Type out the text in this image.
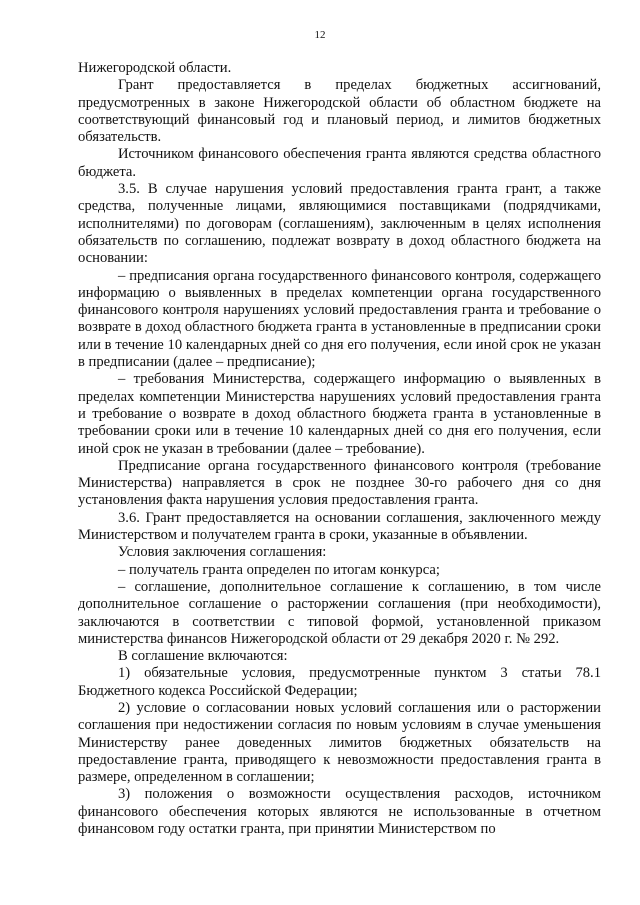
12

Нижегородской области.

Грант предоставляется в пределах бюджетных ассигнований, предусмотренных в законе Нижегородской области об областном бюджете на соответствующий финансовый год и плановый период, и лимитов бюджетных обязательств.

Источником финансового обеспечения гранта являются средства областного бюджета.

3.5. В случае нарушения условий предоставления гранта грант, а также средства, полученные лицами, являющимися поставщиками (подрядчиками, исполнителями) по договорам (соглашениям), заключенным в целях исполнения обязательств по соглашению, подлежат возврату в доход областного бюджета на основании:

– предписания органа государственного финансового контроля, содержащего информацию о выявленных в пределах компетенции органа государственного финансового контроля нарушениях условий предоставления гранта и требование о возврате в доход областного бюджета гранта в установленные в предписании сроки или в течение 10 календарных дней со дня его получения, если иной срок не указан в предписании (далее – предписание);

– требования Министерства, содержащего информацию о выявленных в пределах компетенции Министерства нарушениях условий предоставления гранта и требование о возврате в доход областного бюджета гранта в установленные в требовании сроки или в течение 10 календарных дней со дня его получения, если иной срок не указан в требовании (далее – требование).

Предписание органа государственного финансового контроля (требование Министерства) направляется в срок не позднее 30-го рабочего дня со дня установления факта нарушения условия предоставления гранта.

3.6. Грант предоставляется на основании соглашения, заключенного между Министерством и получателем гранта в сроки, указанные в объявлении.

Условия заключения соглашения:

– получатель гранта определен по итогам конкурса;

– соглашение, дополнительное соглашение к соглашению, в том числе дополнительное соглашение о расторжении соглашения (при необходимости), заключаются в соответствии с типовой формой, установленной приказом министерства финансов Нижегородской области от 29 декабря 2020 г. № 292.

В соглашение включаются:

1) обязательные условия, предусмотренные пунктом 3 статьи 78.1 Бюджетного кодекса Российской Федерации;

2) условие о согласовании новых условий соглашения или о расторжении соглашения при недостижении согласия по новым условиям в случае уменьшения Министерству ранее доведенных лимитов бюджетных обязательств на предоставление гранта, приводящего к невозможности предоставления гранта в размере, определенном в соглашении;

3) положения о возможности осуществления расходов, источником финансового обеспечения которых являются не использованные в отчетном финансовом году остатки гранта, при принятии Министерством по
